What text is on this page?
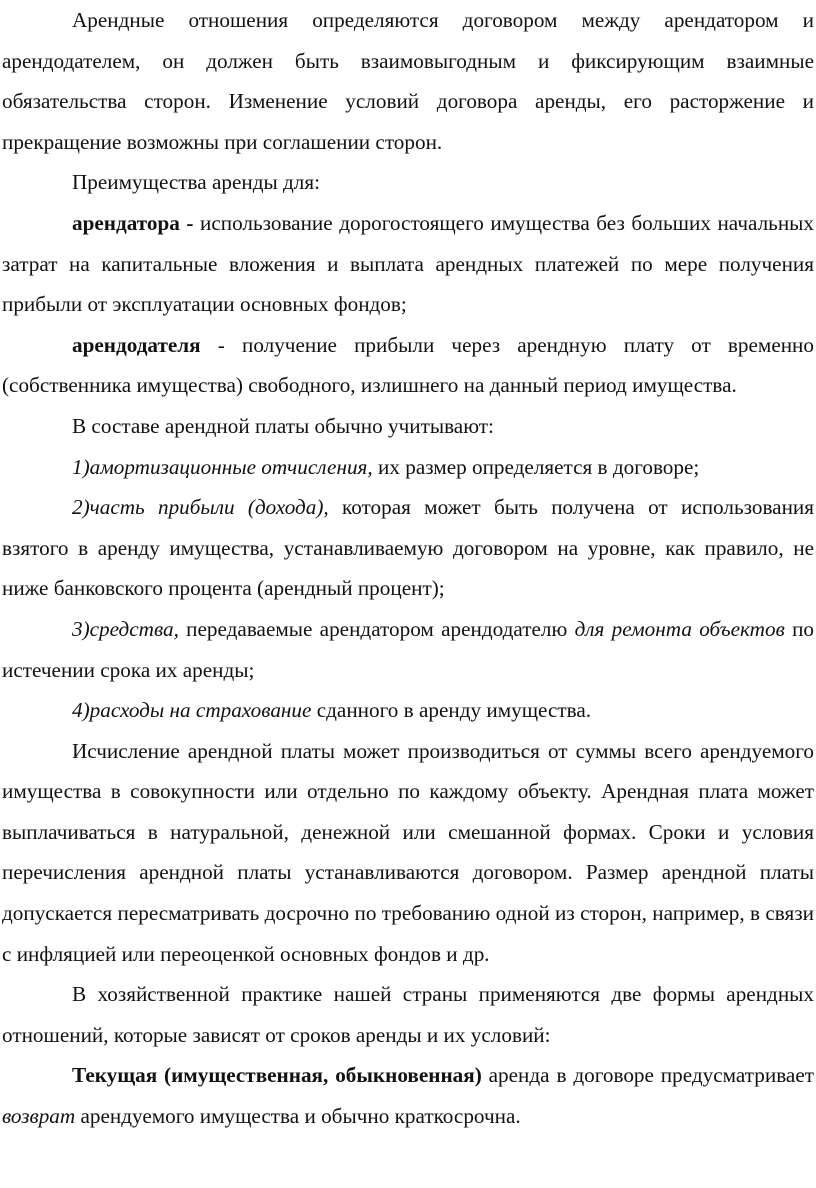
Арендные отношения определяются договором между арендатором и арендодателем, он должен быть взаимовыгодным и фиксирующим взаимные обязательства сторон. Изменение условий договора аренды, его расторжение и прекращение возможны при соглашении сторон.

Преимущества аренды для:

арендатора - использование дорогостоящего имущества без больших начальных затрат на капитальные вложения и выплата арендных платежей по мере получения прибыли от эксплуатации основных фондов;

арендодателя - получение прибыли через арендную плату от временно (собственника имущества) свободного, излишнего на данный период имущества.

В составе арендной платы обычно учитывают:

1)амортизационные отчисления, их размер определяется в договоре;

2)часть прибыли (дохода), которая может быть получена от использования взятого в аренду имущества, устанавливаемую договором на уровне, как правило, не ниже банковского процента (арендный процент);

3)средства, передаваемые арендатором арендодателю для ремонта объектов по истечении срока их аренды;

4)расходы на страхование сданного в аренду имущества.

Исчисление арендной платы может производиться от суммы всего арендуемого имущества в совокупности или отдельно по каждому объекту. Арендная плата может выплачиваться в натуральной, денежной или смешанной формах. Сроки и условия перечисления арендной платы устанавливаются договором. Размер арендной платы допускается пересматривать досрочно по требованию одной из сторон, например, в связи с инфляцией или переоценкой основных фондов и др.

В хозяйственной практике нашей страны применяются две формы арендных отношений, которые зависят от сроков аренды и их условий:

Текущая (имущественная, обыкновенная) аренда в договоре предусматривает возврат арендуемого имущества и обычно краткосрочна.
